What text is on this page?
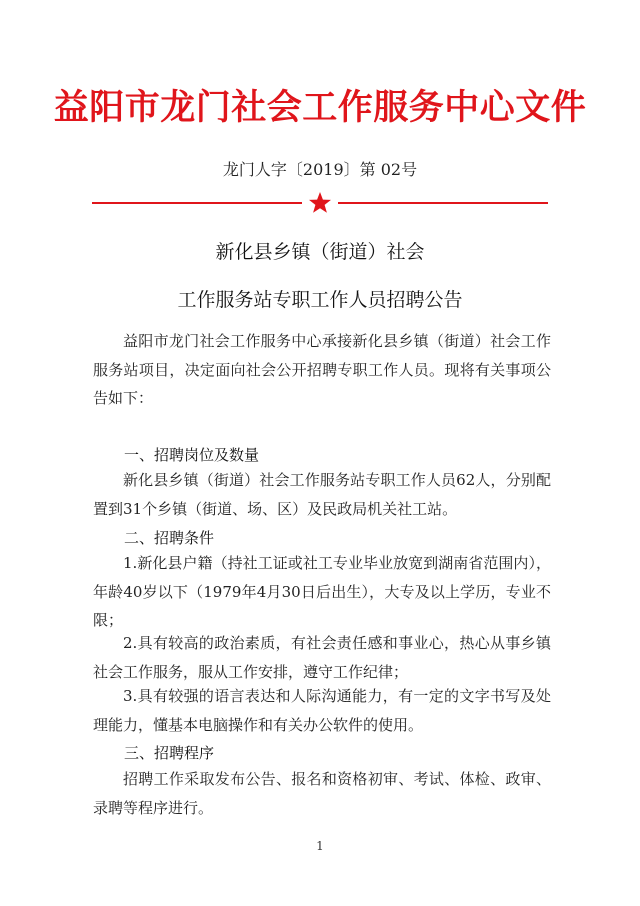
益阳市龙门社会工作服务中心文件
龙门人字〔2019〕第 02号
新化县乡镇（街道）社会
工作服务站专职工作人员招聘公告

益阳市龙门社会工作服务中心承接新化县乡镇（街道）社会工作服务站项目，决定面向社会公开招聘专职工作人员。现将有关事项公告如下：

一、招聘岗位及数量

新化县乡镇（街道）社会工作服务站专职工作人员62人，分别配置到31个乡镇（街道、场、区）及民政局机关社工站。

二、招聘条件

1.新化县户籍（持社工证或社工专业毕业放宽到湖南省范围内），年龄40岁以下（1979年4月30日后出生），大专及以上学历，专业不限；

2.具有较高的政治素质，有社会责任感和事业心，热心从事乡镇社会工作服务，服从工作安排，遵守工作纪律；

3.具有较强的语言表达和人际沟通能力，有一定的文字书写及处理能力，懂基本电脑操作和有关办公软件的使用。

三、招聘程序

招聘工作采取发布公告、报名和资格初审、考试、体检、政审、录聘等程序进行。

1
